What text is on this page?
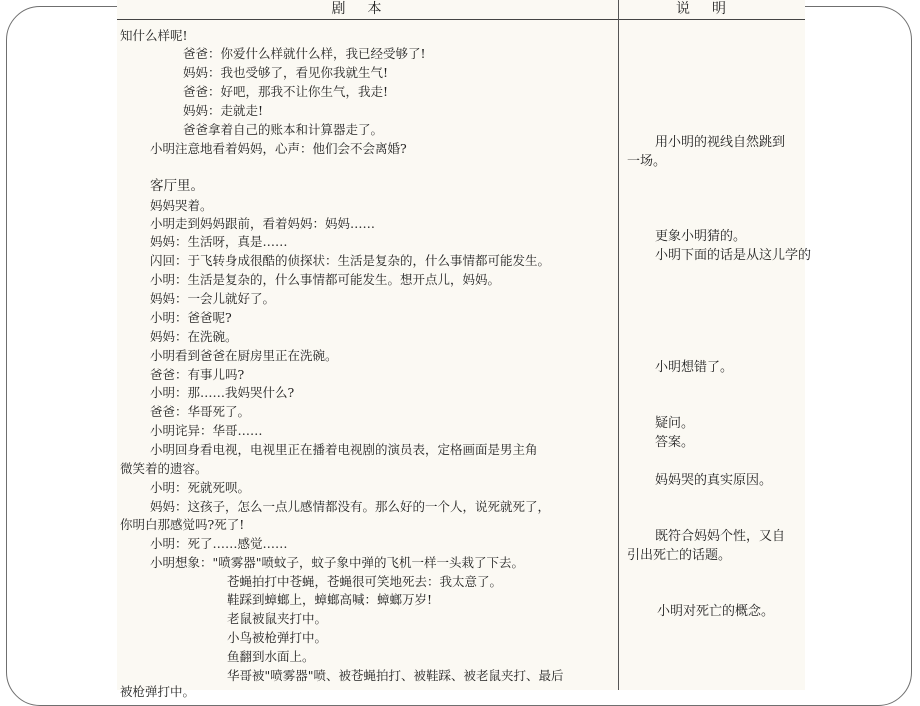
剧本	说明
知什么样呢!
爸爸：你爱什么样就什么样，我已经受够了!
妈妈：我也受够了，看见你我就生气!
爸爸：好吧，那我不让你生气，我走!
妈妈：走就走!
爸爸拿着自己的账本和计算器走了。
小明注意地看着妈妈，心声：他们会不会离婚?
客厅里。
妈妈哭着。
小明走到妈妈跟前，看着妈妈：妈妈……
妈妈：生活呀，真是……
闪回：于飞转身成很酷的侦探状：生活是复杂的，什么事情都可能发生。
小明：生活是复杂的，什么事情都可能发生。想开点儿，妈妈。
妈妈：一会儿就好了。
小明：爸爸呢?
妈妈：在洗碗。
小明看到爸爸在厨房里正在洗碗。
爸爸：有事儿吗?
小明：那……我妈哭什么?
爸爸：华哥死了。
小明诧异：华哥……
小明回身看电视，电视里正在播着电视剧的演员表，定格画面是男主角
微笑着的遗容。
小明：死就死呗。
妈妈：这孩子，怎么一点儿感情都没有。那么好的一个人，说死就死了，
你明白那感觉吗?死了!
小明：死了……感觉……
小明想象："喷雾器"喷蚊子，蚊子象中弹的飞机一样一头栽了下去。
苍蝇拍打中苍蝇，苍蝇很可笑地死去：我太意了。
鞋踩到蟑螂上，蟑螂高喊：蟑螂万岁!
老鼠被鼠夹打中。
小鸟被枪弹打中。
鱼翻到水面上。
华哥被"喷雾器"喷、被苍蝇拍打、被鞋踩、被老鼠夹打、最后
被枪弹打中。
用小明的视线自然跳到
一场。
更象小明猜的。
小明下面的话是从这儿学的
小明想错了。
疑问。
答案。
妈妈哭的真实原因。
既符合妈妈个性，又自
引出死亡的话题。
小明对死亡的概念。
